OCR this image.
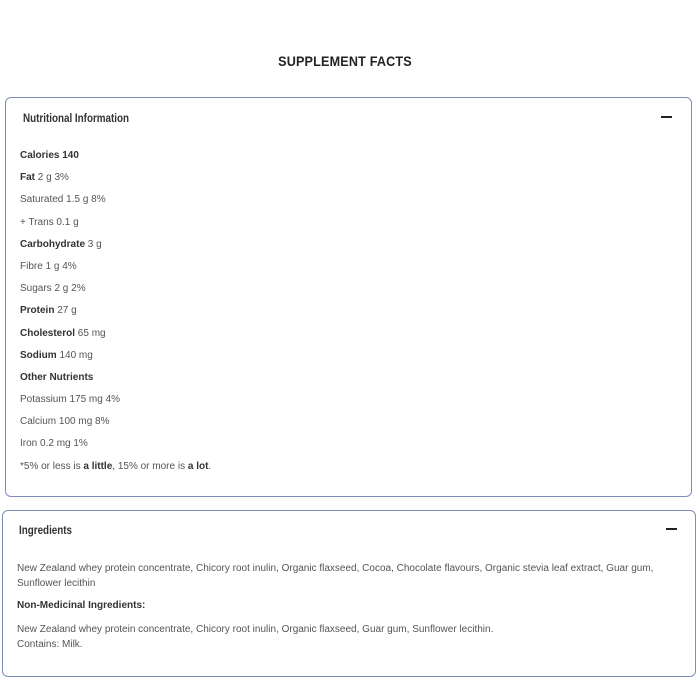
SUPPLEMENT FACTS
Nutritional Information
Calories 140
Fat 2 g 3%
Saturated 1.5 g 8%
+ Trans 0.1 g
Carbohydrate 3 g
Fibre 1 g 4%
Sugars 2 g 2%
Protein 27 g
Cholesterol 65 mg
Sodium 140 mg
Other Nutrients
Potassium 175 mg 4%
Calcium 100 mg 8%
Iron 0.2 mg 1%
*5% or less is a little, 15% or more is a lot.
Ingredients

New Zealand whey protein concentrate, Chicory root inulin, Organic flaxseed, Cocoa, Chocolate flavours, Organic stevia leaf extract, Guar gum, Sunflower lecithin

Non-Medicinal Ingredients:

New Zealand whey protein concentrate, Chicory root inulin, Organic flaxseed, Guar gum, Sunflower lecithin.

Contains: Milk.
